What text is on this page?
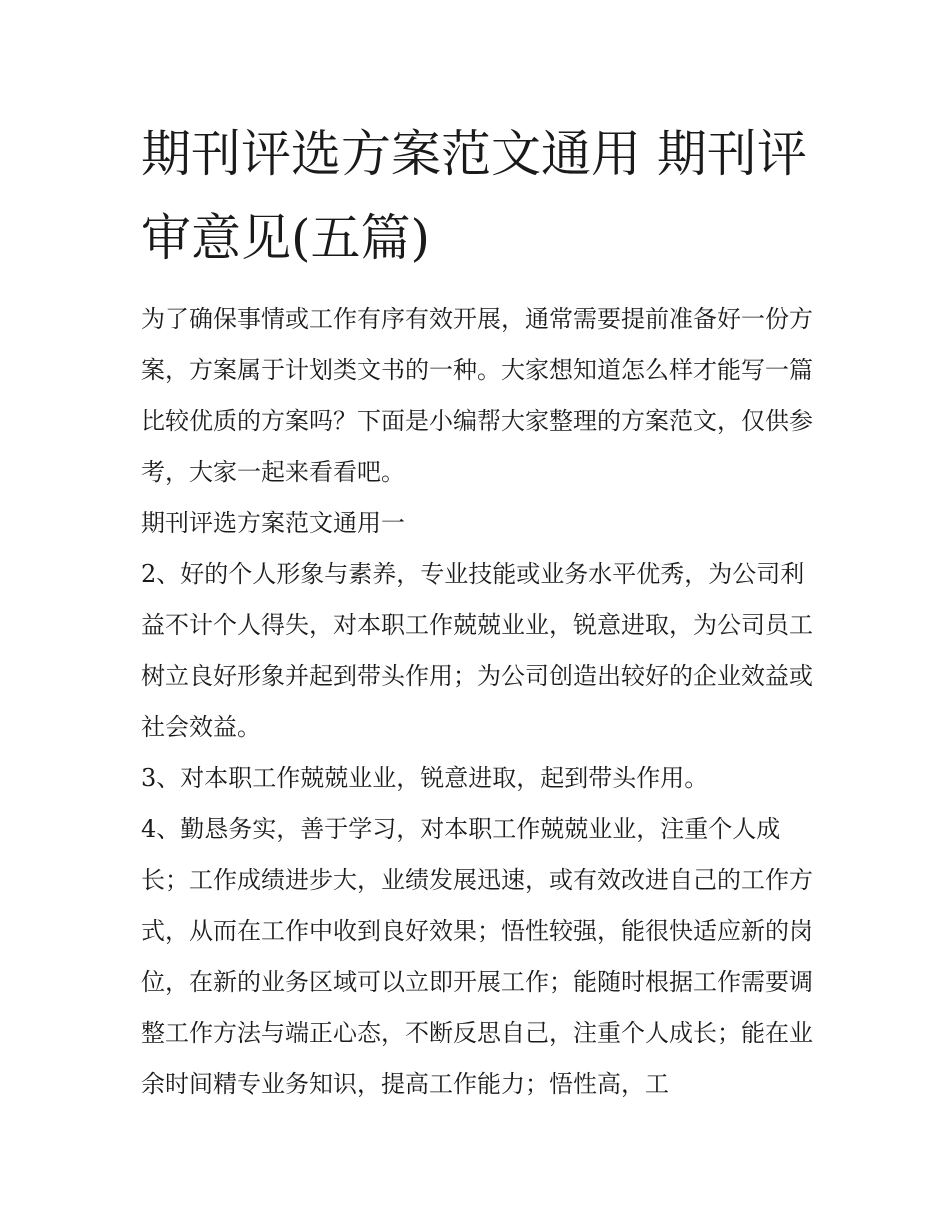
期刊评选方案范文通用 期刊评审意见(五篇)

为了确保事情或工作有序有效开展，通常需要提前准备好一份方案，方案属于计划类文书的一种。大家想知道怎么样才能写一篇比较优质的方案吗？下面是小编帮大家整理的方案范文，仅供参考，大家一起来看看吧。

期刊评选方案范文通用一

2、好的个人形象与素养，专业技能或业务水平优秀，为公司利益不计个人得失，对本职工作兢兢业业，锐意进取，为公司员工树立良好形象并起到带头作用；为公司创造出较好的企业效益或社会效益。

3、对本职工作兢兢业业，锐意进取，起到带头作用。

4、勤恳务实，善于学习，对本职工作兢兢业业，注重个人成长；工作成绩进步大，业绩发展迅速，或有效改进自己的工作方式，从而在工作中收到良好效果；悟性较强，能很快适应新的岗位，在新的业务区域可以立即开展工作；能随时根据工作需要调整工作方法与端正心态，不断反思自己，注重个人成长；能在业余时间精专业务知识，提高工作能力；悟性高，工
